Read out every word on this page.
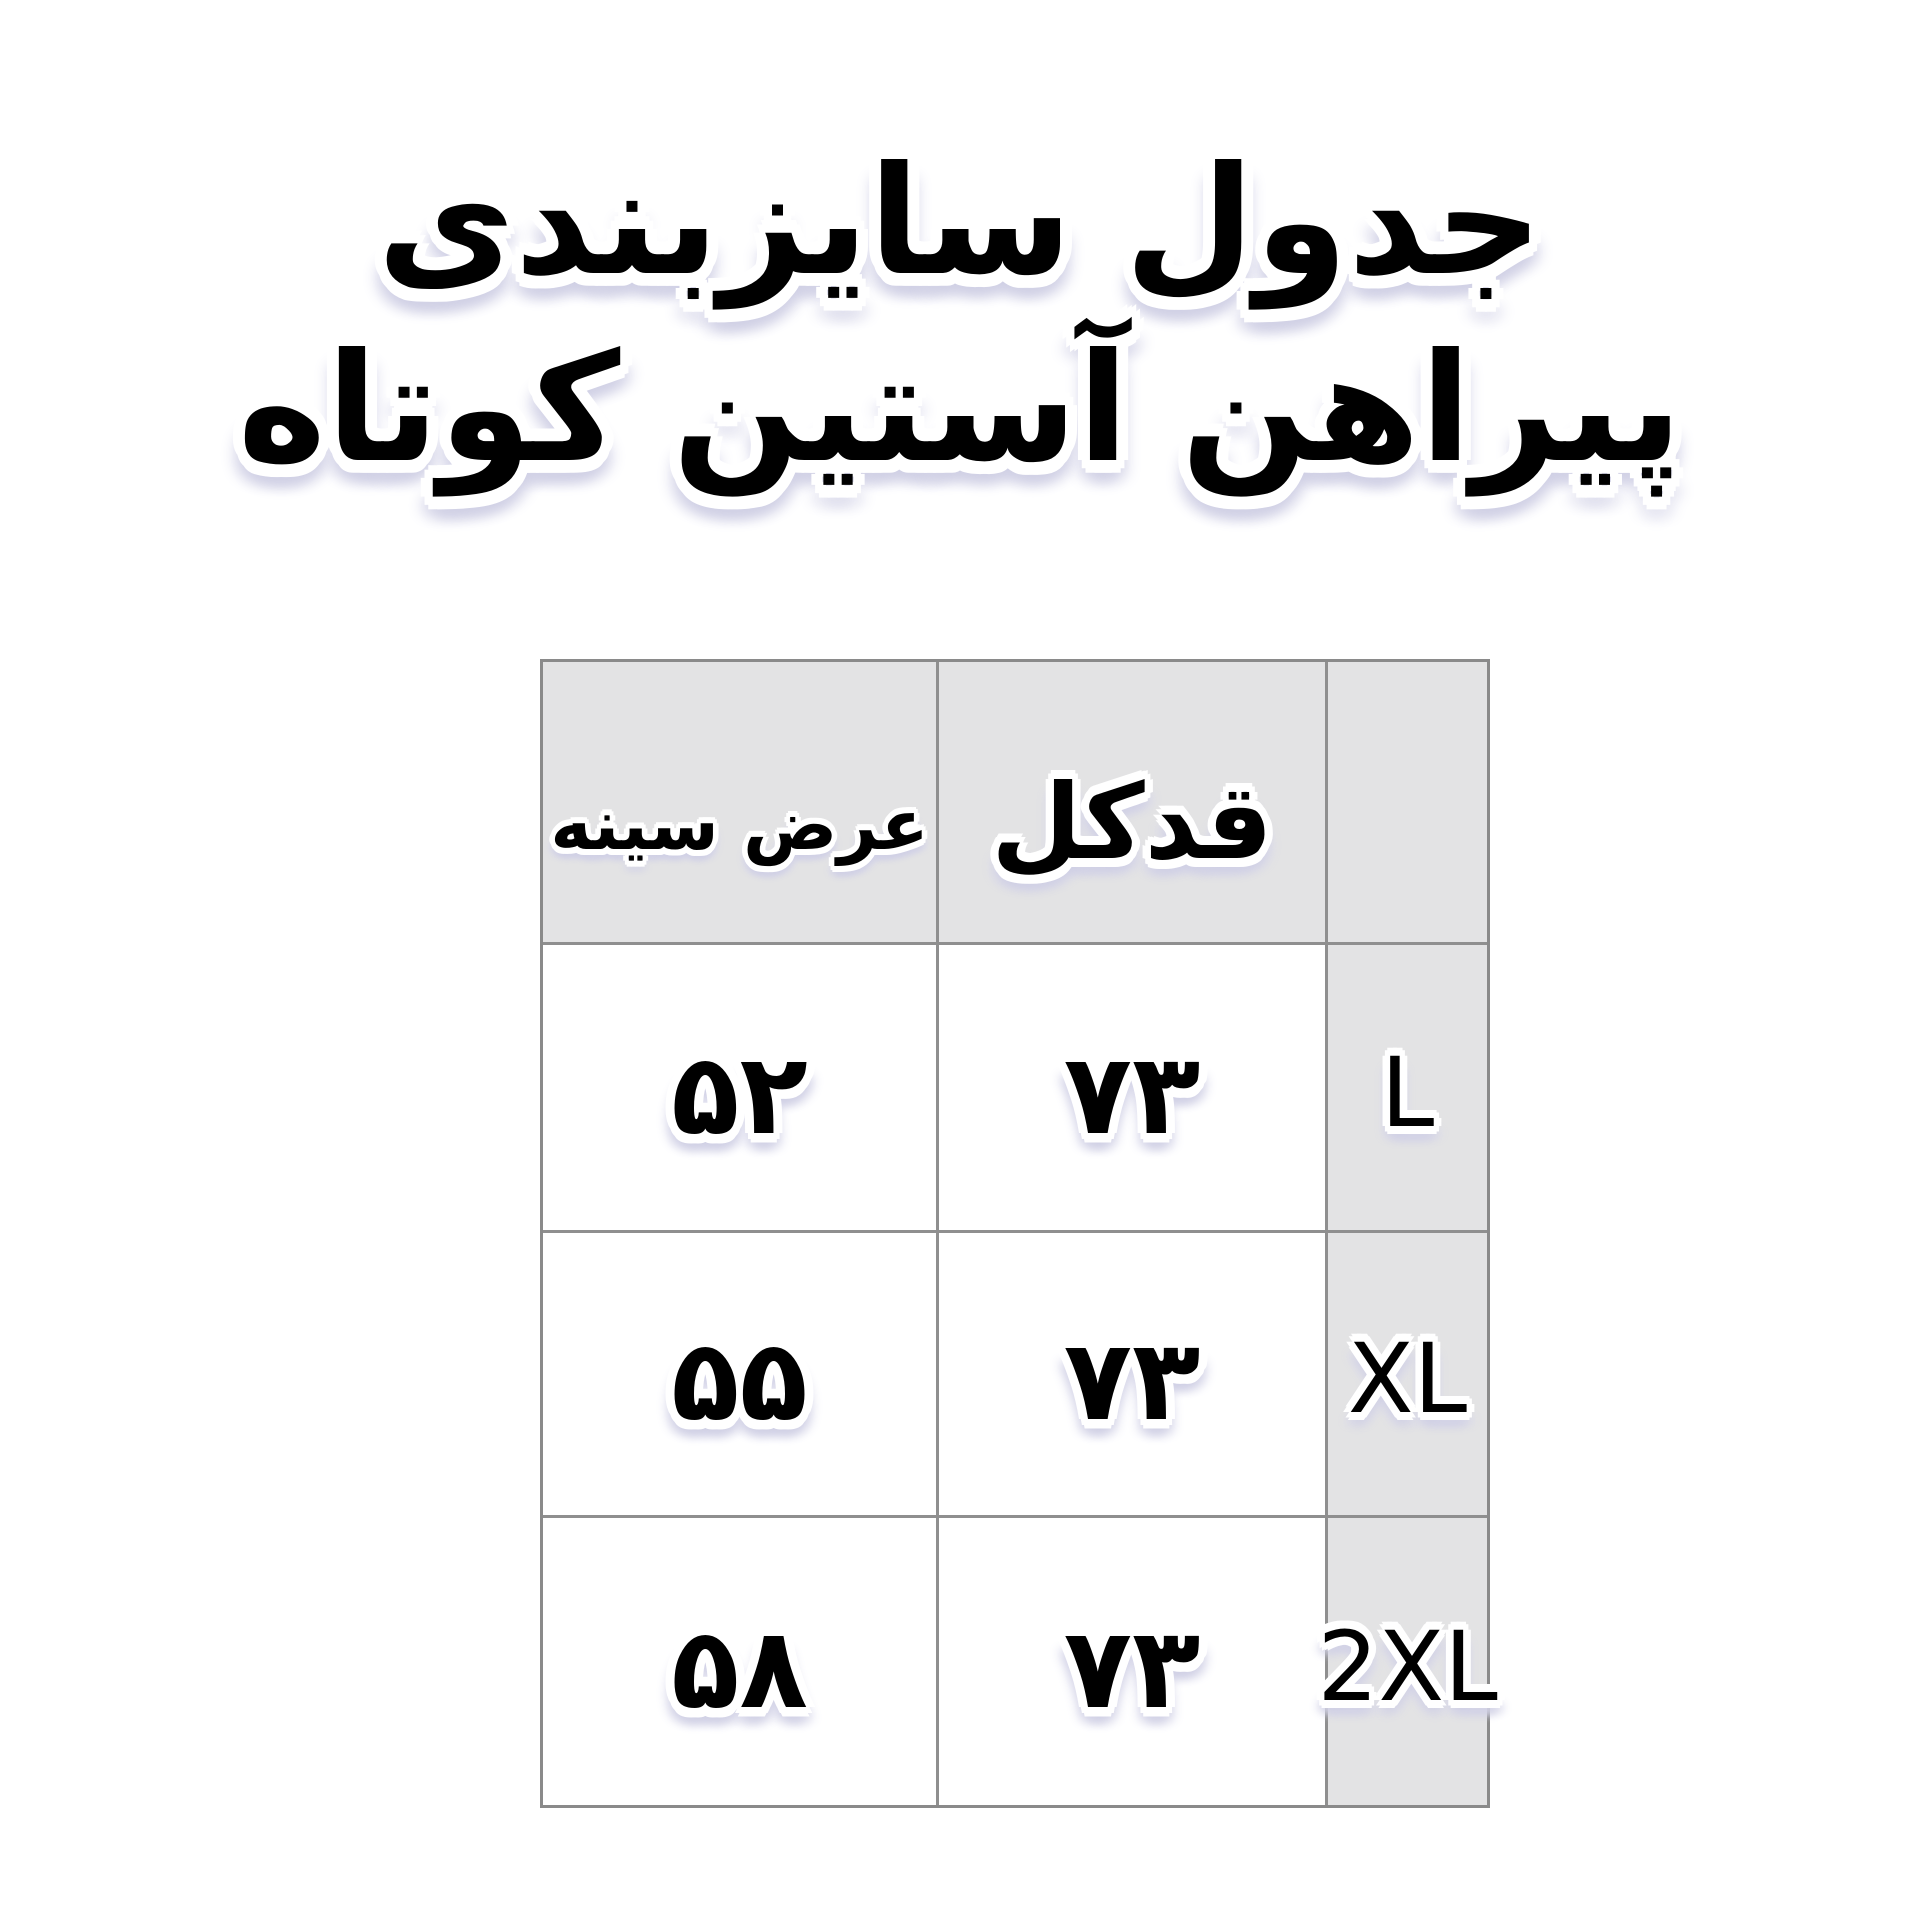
جدول سایزبندی
پیراهن آستین کوتاه
قدکل
عرض سینه
L
۷۳
۵۲
XL
۷۳
۵۵
2XL
۷۳
۵۸
